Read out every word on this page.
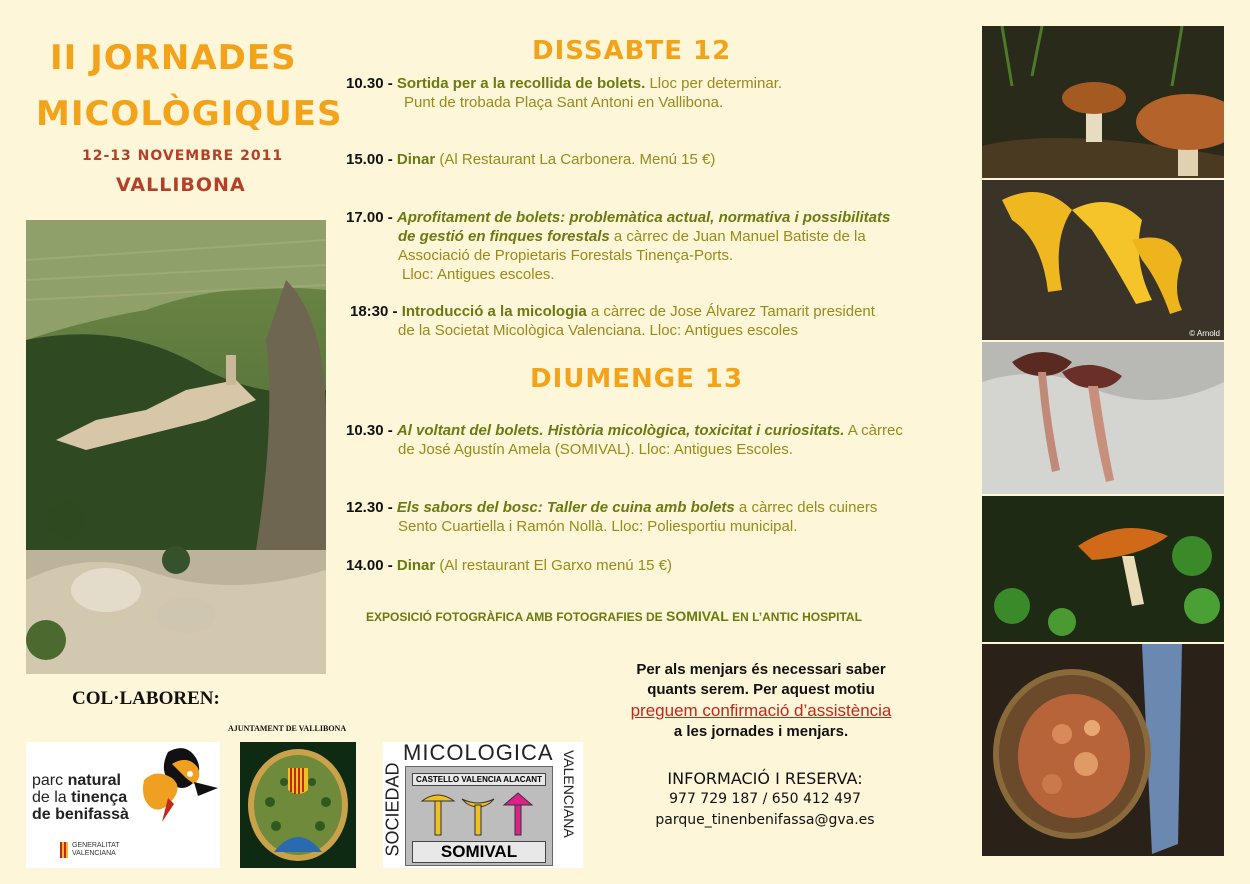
II JORNADES
MICOLÒGIQUES
12-13 NOVEMBRE 2011
VALLIBONA
DISSABTE 12
10.30 - Sortida per a la recollida de bolets. Lloc per determinar.
Punt de trobada Plaça Sant Antoni en Vallibona.
15.00 - Dinar (Al Restaurant La Carbonera. Menú 15 €)
17.00 - Aprofitament de bolets: problemàtica actual, normativa i possibilitats
de gestió en finques forestals a càrrec de Juan Manuel Batiste de la
Associació de Propietaris Forestals Tinença-Ports.
Lloc: Antigues escoles.
18:30 - Introducció a la micologia a càrrec de Jose Álvarez Tamarit president
de la Societat Micològica Valenciana. Lloc: Antigues escoles
DIUMENGE 13
10.30 - Al voltant del bolets. Història micològica, toxicitat i curiositats. A càrrec
de José Agustín Amela (SOMIVAL). Lloc: Antigues Escoles.
12.30 - Els sabors del bosc: Taller de cuina amb bolets a càrrec dels cuiners
Sento Cuartiella i Ramón Nollà. Lloc: Poliesportiu municipal.
14.00 - Dinar (Al restaurant El Garxo menú 15 €)
EXPOSICIÓ FOTOGRÀFICA AMB FOTOGRAFIES DE SOMIVAL EN L’ANTIC HOSPITAL
Per als menjars és necessari saber
quants serem. Per aquest motiu
preguem confirmació d’assistència
a les jornades i menjars.
INFORMACIÓ I RESERVA:
977 729 187 / 650 412 497
parque_tinenbenifassa@gva.es
COL·LABOREN:
AJUNTAMENT DE VALLIBONA
parc natural
de la tinença
de benifassà
GENERALITAT
VALENCIANA
MICOLOGICA
SOCIEDAD	VALENCIANA
CASTELLO VALENCIA ALACANT
SOMIVAL
© Arnold
